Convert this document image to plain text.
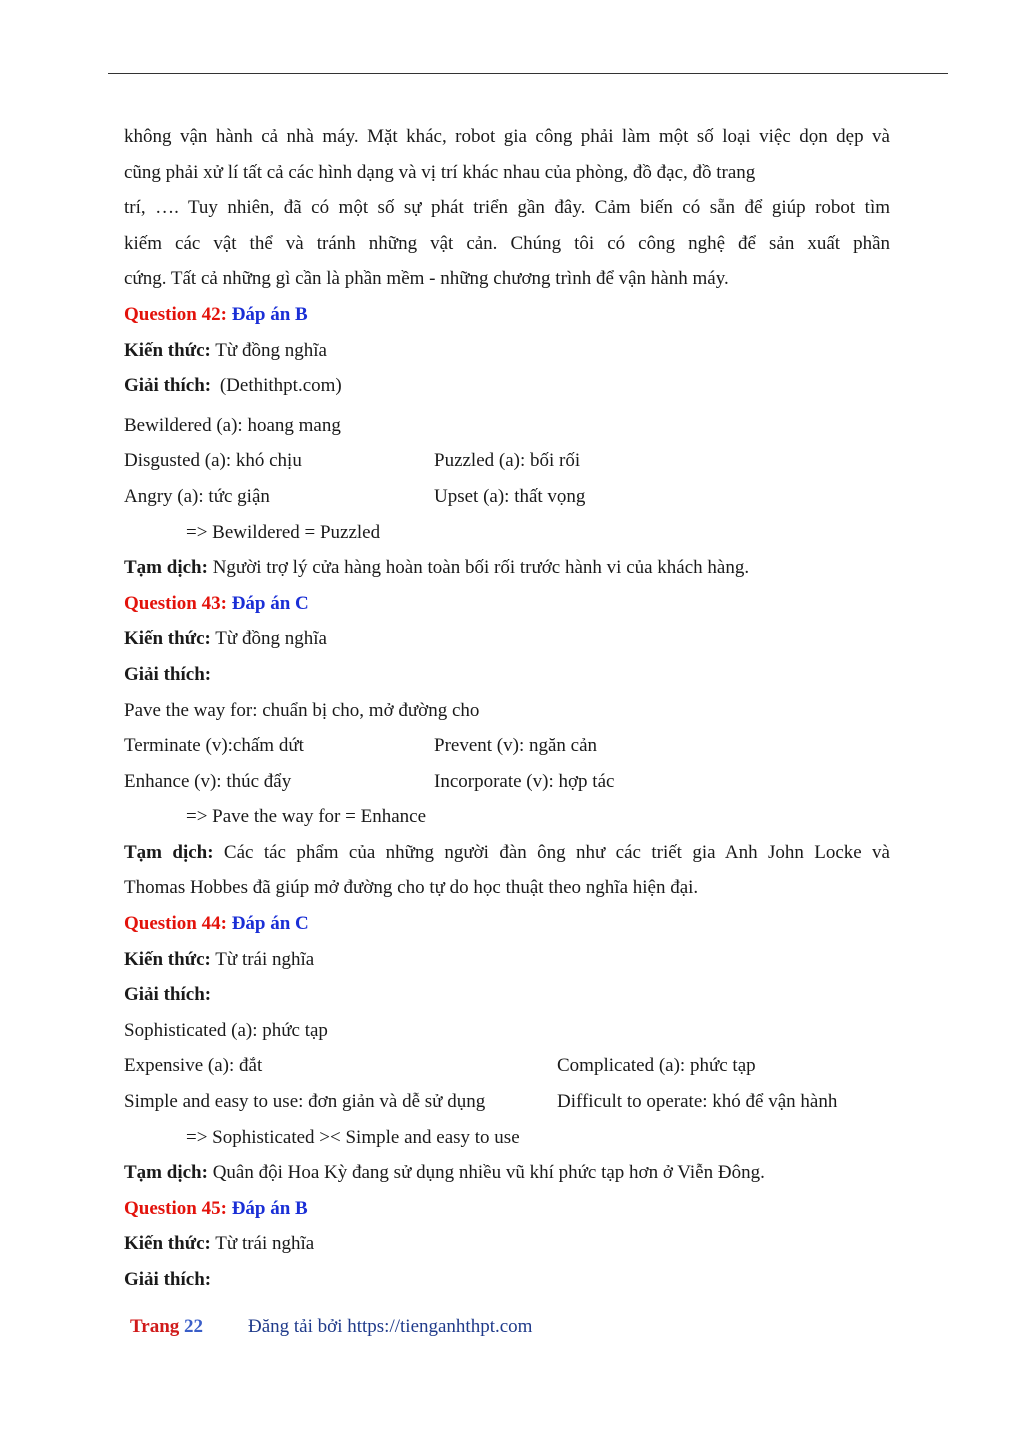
không vận hành cả nhà máy. Mặt khác, robot gia công phải làm một số loại việc dọn dẹp và
cũng phải xử lí tất cả các hình dạng và vị trí khác nhau của phòng, đồ đạc, đồ trang
trí, …. Tuy nhiên, đã có một số sự phát triển gần đây. Cảm biến có sẵn để giúp robot tìm
kiếm các vật thể và tránh những vật cản. Chúng tôi có công nghệ để sản xuất phần
cứng. Tất cả những gì cần là phần mềm - những chương trình để vận hành máy.
Question 42: Đáp án B
Kiến thức: Từ đồng nghĩa
Giải thích: (Dethithpt.com)
Bewildered (a): hoang mang
Disgusted (a): khó chịu	Puzzled (a): bối rối
Angry (a): tức giận	Upset (a): thất vọng
=> Bewildered = Puzzled
Tạm dịch: Người trợ lý cửa hàng hoàn toàn bối rối trước hành vi của khách hàng.
Question 43: Đáp án C
Kiến thức: Từ đồng nghĩa
Giải thích:
Pave the way for: chuẩn bị cho, mở đường cho
Terminate (v):chấm dứt	Prevent (v): ngăn cản
Enhance (v): thúc đẩy	Incorporate (v): hợp tác
=> Pave the way for = Enhance
Tạm dịch: Các tác phẩm của những người đàn ông như các triết gia Anh John Locke và
Thomas Hobbes đã giúp mở đường cho tự do học thuật theo nghĩa hiện đại.
Question 44: Đáp án C
Kiến thức: Từ trái nghĩa
Giải thích:
Sophisticated (a): phức tạp
Expensive (a): đắt	Complicated (a): phức tạp
Simple and easy to use: đơn giản và dễ sử dụng	Difficult to operate: khó để vận hành
=> Sophisticated >< Simple and easy to use
Tạm dịch: Quân đội Hoa Kỳ đang sử dụng nhiều vũ khí phức tạp hơn ở Viễn Đông.
Question 45: Đáp án B
Kiến thức: Từ trái nghĩa
Giải thích:
Trang 22 Đăng tải bởi https://tienganhthpt.com
